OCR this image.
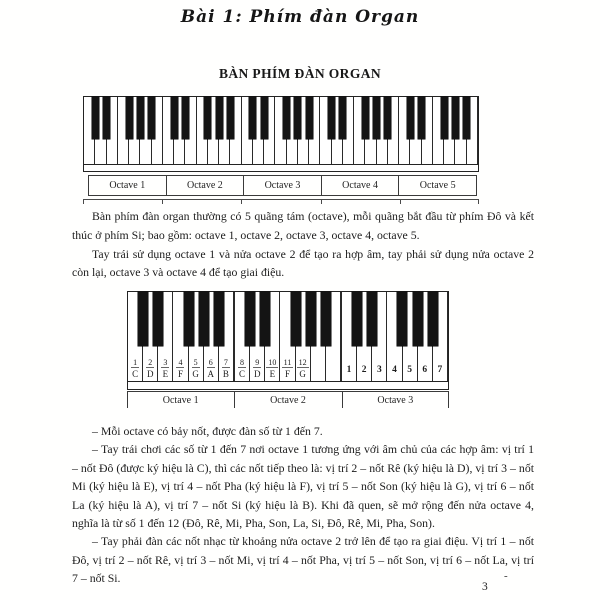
Bài 1: Phím đàn Organ
BÀN PHÍM ĐÀN ORGAN
Octave 1	Octave 2	Octave 3	Octave 4	Octave 5

Bàn phím đàn organ thường có 5 quãng tám (octave), mỗi quãng bắt đầu từ phím Đô và kết thúc ở phím Si; bao gồm: octave 1, octave 2, octave 3, octave 4, octave 5.

Tay trái sử dụng octave 1 và nửa octave 2 để tạo ra hợp âm, tay phải sử dụng nửa octave 2 còn lại, octave 3 và octave 4 để tạo giai điệu.

1
C
2
D
3
E
4
F
5
G
6
A
7
B
8
C
9
D
10
E
11
F
12
G	1 2 3 4 5 6 7
Octave 1	Octave 2	Octave 3

– Mỗi octave có bảy nốt, được đàn số từ 1 đến 7.

– Tay trái chơi các số từ 1 đến 7 nơi octave 1 tương ứng với âm chủ của các hợp âm: vị trí 1 – nốt Đô (được ký hiệu là C), thì các nốt tiếp theo là: vị trí 2 – nốt Rê (ký hiệu là D), vị trí 3 – nốt Mi (ký hiệu là E), vị trí 4 – nốt Pha (ký hiệu là F), vị trí 5 – nốt Son (ký hiệu là G), vị trí 6 – nốt La (ký hiệu là A), vị trí 7 – nốt Si (ký hiệu là B). Khi đã quen, sẽ mở rộng đến nửa octave 4, nghĩa là từ số 1 đến 12 (Đô, Rê, Mi, Pha, Son, La, Si, Đô, Rê, Mi, Pha, Son).

– Tay phải đàn các nốt nhạc từ khoảng nửa octave 2 trở lên để tạo ra giai điệu. Vị trí 1 – nốt Đô, vị trí 2 – nốt Rê, vị trí 3 – nốt Mi, vị trí 4 – nốt Pha, vị trí 5 – nốt Son, vị trí 6 – nốt La, vị trí 7 – nốt Si.	-
3
